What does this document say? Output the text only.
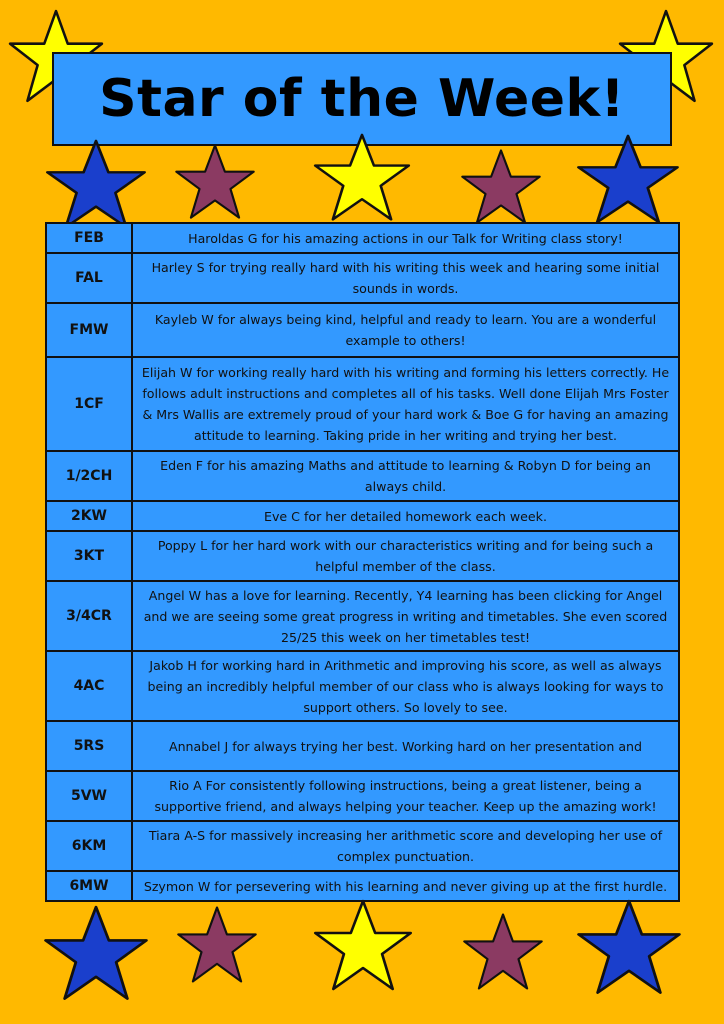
Star of the Week!
FEB	Haroldas G for his amazing actions in our Talk for Writing class story!
FAL	Harley S for trying really hard with his writing this week and hearing some initial sounds in words.
FMW	Kayleb W for always being kind, helpful and ready to learn. You are a wonderful example to others!
1CF	Elijah W for working really hard with his writing and forming his letters correctly. He follows adult instructions and completes all of his tasks. Well done Elijah Mrs Foster & Mrs Wallis are extremely proud of your hard work & Boe G for having an amazing attitude to learning. Taking pride in her writing and trying her best.
1/2CH	Eden F for his amazing Maths and attitude to learning & Robyn D for being an always child.
2KW	Eve C for her detailed homework each week.
3KT	Poppy L for her hard work with our characteristics writing and for being such a helpful member of the class.
3/4CR	Angel W has a love for learning. Recently, Y4 learning has been clicking for Angel and we are seeing some great progress in writing and timetables. She even scored 25/25 this week on her timetables test!
4AC	Jakob H for working hard in Arithmetic and improving his score, as well as always being an incredibly helpful member of our class who is always looking for ways to support others. So lovely to see.
5RS	Annabel J for always trying her best. Working hard on her presentation and
5VW	Rio A For consistently following instructions, being a great listener, being a supportive friend, and always helping your teacher. Keep up the amazing work!
6KM	Tiara A-S for massively increasing her arithmetic score and developing her use of complex punctuation.
6MW	Szymon W for persevering with his learning and never giving up at the first hurdle.
